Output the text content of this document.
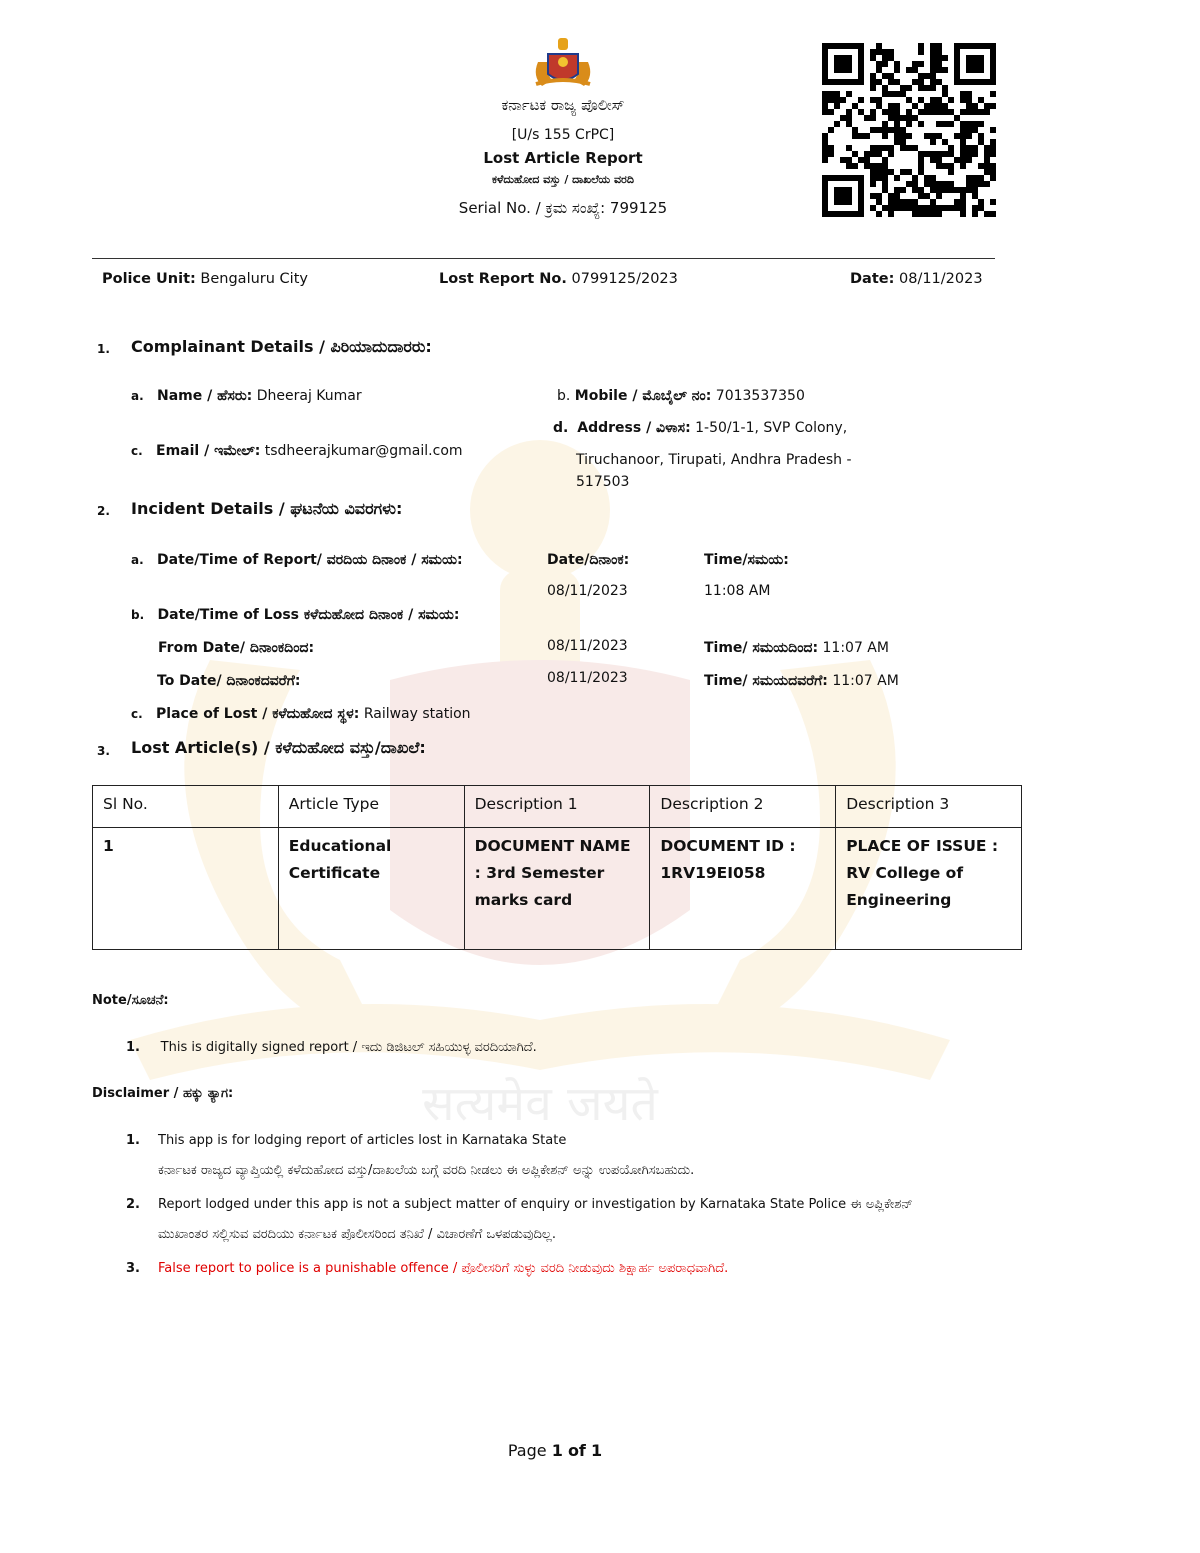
सत्यमेव जयते
ಕರ್ನಾಟಕ ರಾಜ್ಯ ಪೊಲೀಸ್
[U/s 155 CrPC]
Lost Article Report
ಕಳೆದುಹೋದ ವಸ್ತು / ದಾಖಲೆಯ ವರದಿ
Serial No. / ಕ್ರಮ ಸಂಖ್ಯೆ: 799125
Police Unit: Bengaluru City	Lost Report No. 0799125/2023	Date: 08/11/2023
1. Complainant Details / ಪಿರಿಯಾದುದಾರರು:
a. Name / ಹೆಸರು: Dheeraj Kumar	b. Mobile / ಮೊಬೈಲ್ ನಂ: 7013537350
c. Email / ಇಮೇಲ್: tsdheerajkumar@gmail.com
d. Address / ವಿಳಾಸ: 1-50/1-1, SVP Colony,
Tiruchanoor, Tirupati, Andhra Pradesh -
517503
2. Incident Details / ಘಟನೆಯ ವಿವರಗಳು:
a. Date/Time of Report/ ವರದಿಯ ದಿನಾಂಕ / ಸಮಯ:	Date/ದಿನಾಂಕ:	Time/ಸಮಯ:
08/11/2023	11:08 AM
b. Date/Time of Loss ಕಳೆದುಹೋದ ದಿನಾಂಕ / ಸಮಯ:
From Date/ ದಿನಾಂಕದಿಂದ:	08/11/2023	Time/ ಸಮಯದಿಂದ: 11:07 AM
To Date/ ದಿನಾಂಕದವರೆಗೆ:	08/11/2023	Time/ ಸಮಯದವರೆಗೆ: 11:07 AM
c. Place of Lost / ಕಳೆದುಹೋದ ಸ್ಥಳ: Railway station
3. Lost Article(s) / ಕಳೆದುಹೋದ ವಸ್ತು/ದಾಖಲೆ:
Sl No.	Article Type	Description 1	Description 2	Description 3
1	Educational Certificate	DOCUMENT NAME : 3rd Semester marks card	DOCUMENT ID : 1RV19EI058	PLACE OF ISSUE : RV College of Engineering
Note/ಸೂಚನೆ:
1. This is digitally signed report / ಇದು ಡಿಜಿಟಲ್ ಸಹಿಯುಳ್ಳ ವರದಿಯಾಗಿದೆ.
Disclaimer / ಹಕ್ಕು ತ್ಯಾಗ:
1. This app is for lodging report of articles lost in Karnataka State
ಕರ್ನಾಟಕ ರಾಜ್ಯದ ವ್ಯಾಪ್ತಿಯಲ್ಲಿ ಕಳೆದುಹೋದ ವಸ್ತು/ದಾಖಲೆಯ ಬಗ್ಗೆ ವರದಿ ನೀಡಲು ಈ ಅಪ್ಲಿಕೇಶನ್ ಅನ್ನು ಉಪಯೋಗಿಸಬಹುದು.
2. Report lodged under this app is not a subject matter of enquiry or investigation by Karnataka State Police ಈ ಅಪ್ಲಿಕೇಶನ್
ಮುಖಾಂತರ ಸಲ್ಲಿಸುವ ವರದಿಯು ಕರ್ನಾಟಕ ಪೊಲೀಸರಿಂದ ತನಿಖೆ / ವಿಚಾರಣೆಗೆ ಒಳಪಡುವುದಿಲ್ಲ.
3. False report to police is a punishable offence / ಪೊಲೀಸರಿಗೆ ಸುಳ್ಳು ವರದಿ ನೀಡುವುದು ಶಿಕ್ಷಾರ್ಹ ಅಪರಾಧವಾಗಿದೆ.
Page 1 of 1
